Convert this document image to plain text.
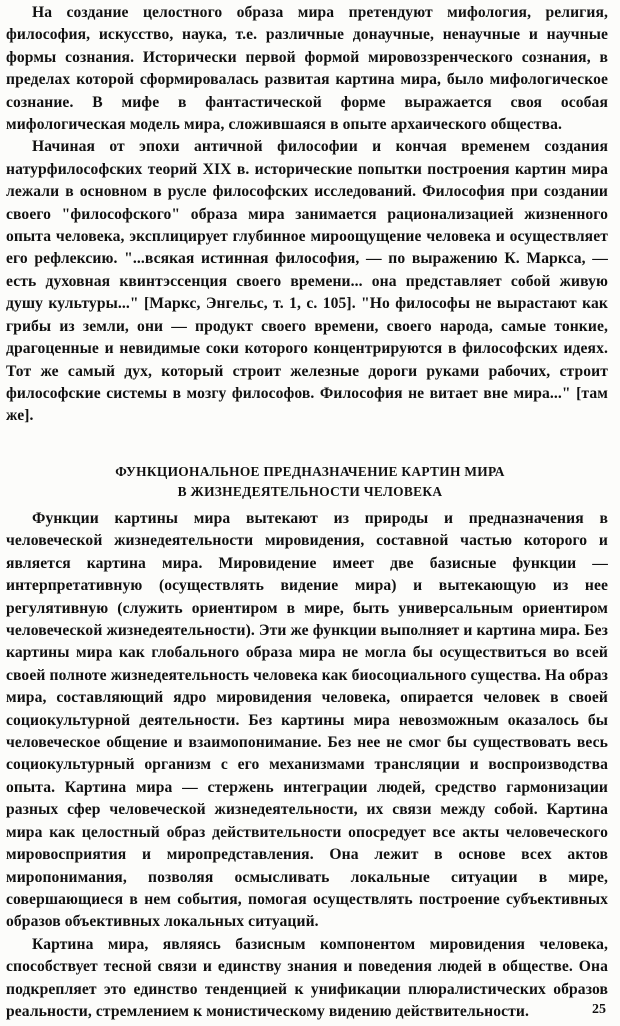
На создание целостного образа мира претендуют мифология, религия, философия, искусство, наука, т.е. различные донаучные, ненаучные и научные формы сознания. Исторически первой формой мировоззренческого сознания, в пределах которой сформировалась развитая картина мира, было мифологическое сознание. В мифе в фантастической форме выражается своя особая мифологическая модель мира, сложившаяся в опыте архаического общества.

Начиная от эпохи античной философии и кончая временем создания натурфилософских теорий XIX в. исторические попытки построения картин мира лежали в основном в русле философских исследований. Философия при создании своего "философского" образа мира занимается рационализацией жизненного опыта человека, эксплицирует глубинное мироощущение человека и осуществляет его рефлексию. "...всякая истинная философия, — по выражению К. Маркса, — есть духовная квинтэссенция своего времени... она представляет собой живую душу культуры..." [Маркс, Энгельс, т. 1, с. 105]. "Но философы не вырастают как грибы из земли, они — продукт своего времени, своего народа, самые тонкие, драгоценные и невидимые соки которого концентрируются в философских идеях. Тот же самый дух, который строит железные дороги руками рабочих, строит философские системы в мозгу философов. Философия не витает вне мира..." [там же].

ФУНКЦИОНАЛЬНОЕ ПРЕДНАЗНАЧЕНИЕ КАРТИН МИРА
В ЖИЗНЕДЕЯТЕЛЬНОСТИ ЧЕЛОВЕКА

Функции картины мира вытекают из природы и предназначения в человеческой жизнедеятельности мировидения, составной частью которого и является картина мира. Мировидение имеет две базисные функции — интерпретативную (осуществлять видение мира) и вытекающую из нее регулятивную (служить ориентиром в мире, быть универсальным ориентиром человеческой жизнедеятельности). Эти же функции выполняет и картина мира. Без картины мира как глобального образа мира не могла бы осуществиться во всей своей полноте жизнедеятельность человека как биосоциального существа. На образ мира, составляющий ядро мировидения человека, опирается человек в своей социокультурной деятельности. Без картины мира невозможным оказалось бы человеческое общение и взаимопонимание. Без нее не смог бы существовать весь социокультурный организм с его механизмами трансляции и воспроизводства опыта. Картина мира — стержень интеграции людей, средство гармонизации разных сфер человеческой жизнедеятельности, их связи между собой. Картина мира как целостный образ действительности опосредует все акты человеческого мировосприятия и миропредставления. Она лежит в основе всех актов миропонимания, позволяя осмысливать локальные ситуации в мире, совершающиеся в нем события, помогая осуществлять построение субъективных образов объективных локальных ситуаций.

Картина мира, являясь базисным компонентом мировидения человека, способствует тесной связи и единству знания и поведения людей в обществе. Она подкрепляет это единство тенденцией к унификации плюралистических образов реальности, стремлением к монистическому видению действительности.	25
